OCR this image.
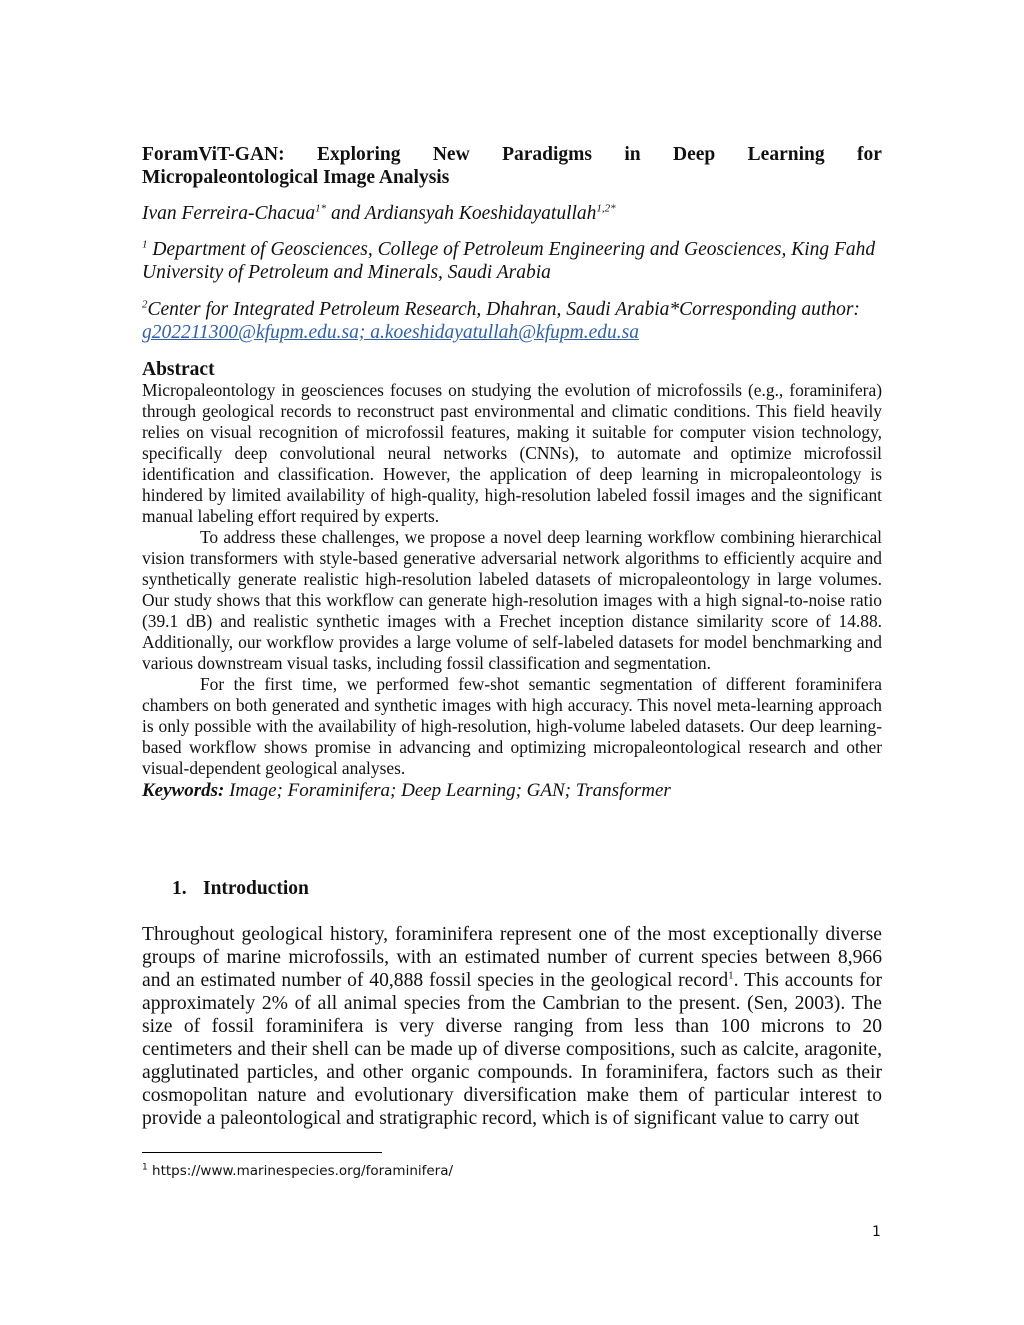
ForamViT-GAN: Exploring New Paradigms in Deep Learning for
Micropaleontological Image Analysis
Ivan Ferreira-Chacua$^{1*}$ and Ardiansyah Koeshidayatullah$^{1,2*}$
$^1$ Department of Geosciences, College of Petroleum Engineering and Geosciences, King Fahd University of Petroleum and Minerals, Saudi Arabia
$^2$Center for Integrated Petroleum Research, Dhahran, Saudi Arabia*Corresponding author: g202211300@kfupm.edu.sa; a.koeshidayatullah@kfupm.edu.sa
Abstract

Micropaleontology in geosciences focuses on studying the evolution of microfossils (e.g., foraminifera) through geological records to reconstruct past environmental and climatic conditions. This field heavily relies on visual recognition of microfossil features, making it suitable for computer vision technology, specifically deep convolutional neural networks (CNNs), to automate and optimize microfossil identification and classification. However, the application of deep learning in micropaleontology is hindered by limited availability of high-quality, high-resolution labeled fossil images and the significant manual labeling effort required by experts.

To address these challenges, we propose a novel deep learning workflow combining hierarchical vision transformers with style-based generative adversarial network algorithms to efficiently acquire and synthetically generate realistic high-resolution labeled datasets of micropaleontology in large volumes. Our study shows that this workflow can generate high-resolution images with a high signal-to-noise ratio (39.1 dB) and realistic synthetic images with a Frechet inception distance similarity score of 14.88. Additionally, our workflow provides a large volume of self-labeled datasets for model benchmarking and various downstream visual tasks, including fossil classification and segmentation.

For the first time, we performed few-shot semantic segmentation of different foraminifera chambers on both generated and synthetic images with high accuracy. This novel meta-learning approach is only possible with the availability of high-resolution, high-volume labeled datasets. Our deep learning-based workflow shows promise in advancing and optimizing micropaleontological research and other visual-dependent geological analyses.

Keywords: Image; Foraminifera; Deep Learning; GAN; Transformer
1. Introduction

Throughout geological history, foraminifera represent one of the most exceptionally diverse groups of marine microfossils, with an estimated number of current species between 8,966 and an estimated number of 40,888 fossil species in the geological record$^1$. This accounts for approximately 2% of all animal species from the Cambrian to the present. (Sen, 2003). The size of fossil foraminifera is very diverse ranging from less than 100 microns to 20 centimeters and their shell can be made up of diverse compositions, such as calcite, aragonite, agglutinated particles, and other organic compounds. In foraminifera, factors such as their cosmopolitan nature and evolutionary diversification make them of particular interest to provide a paleontological and stratigraphic record, which is of significant value to carry out

$^1$ https://www.marinespecies.org/foraminifera/
1
